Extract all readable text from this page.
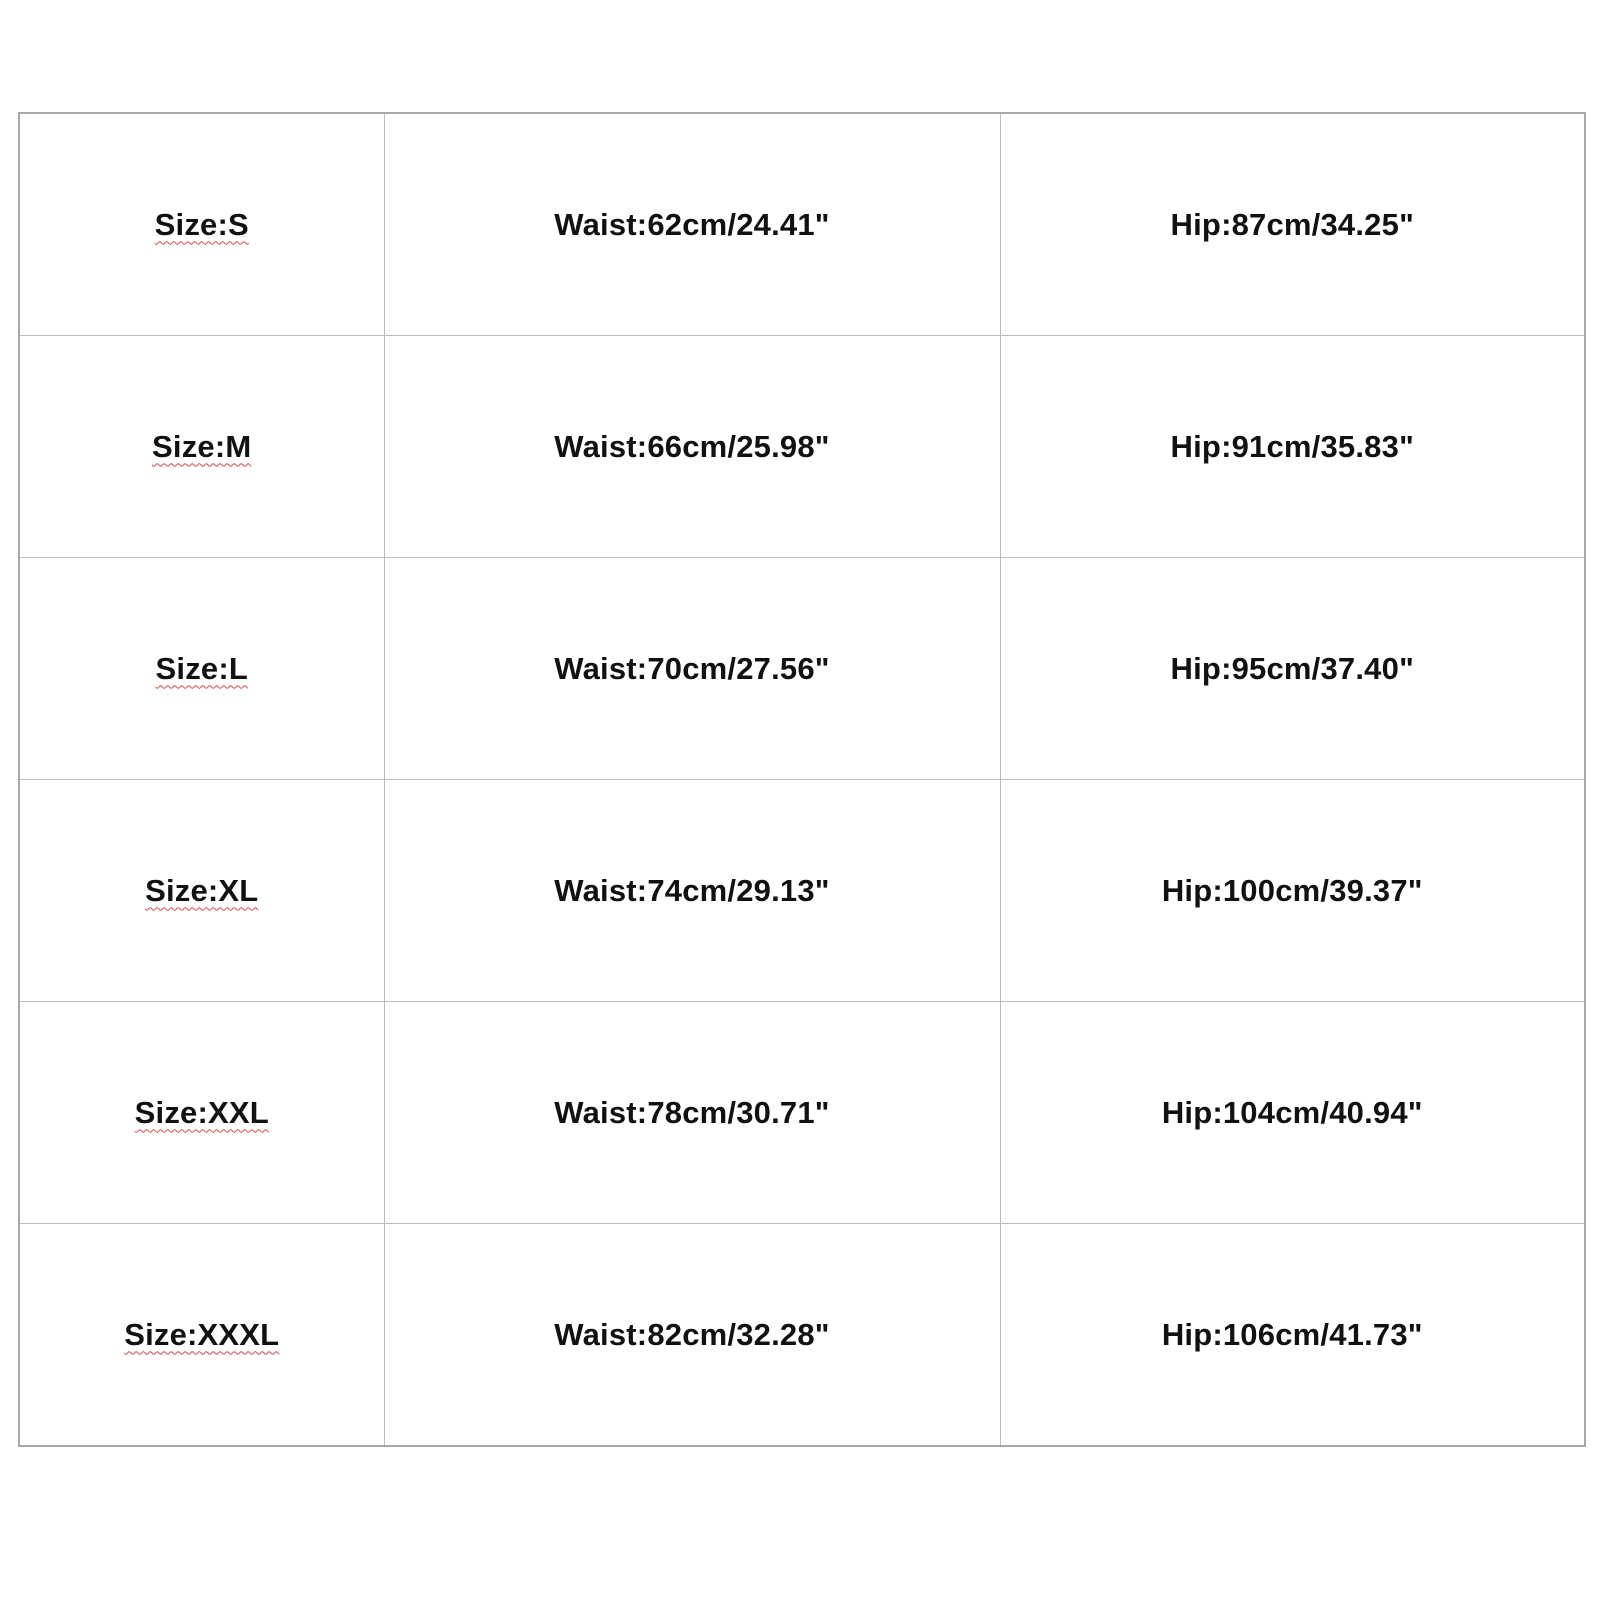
Size:S	Waist:62cm/24.41"	Hip:87cm/34.25"
Size:M	Waist:66cm/25.98"	Hip:91cm/35.83"
Size:L	Waist:70cm/27.56"	Hip:95cm/37.40"
Size:XL	Waist:74cm/29.13"	Hip:100cm/39.37"
Size:XXL	Waist:78cm/30.71"	Hip:104cm/40.94"
Size:XXXL	Waist:82cm/32.28"	Hip:106cm/41.73"
